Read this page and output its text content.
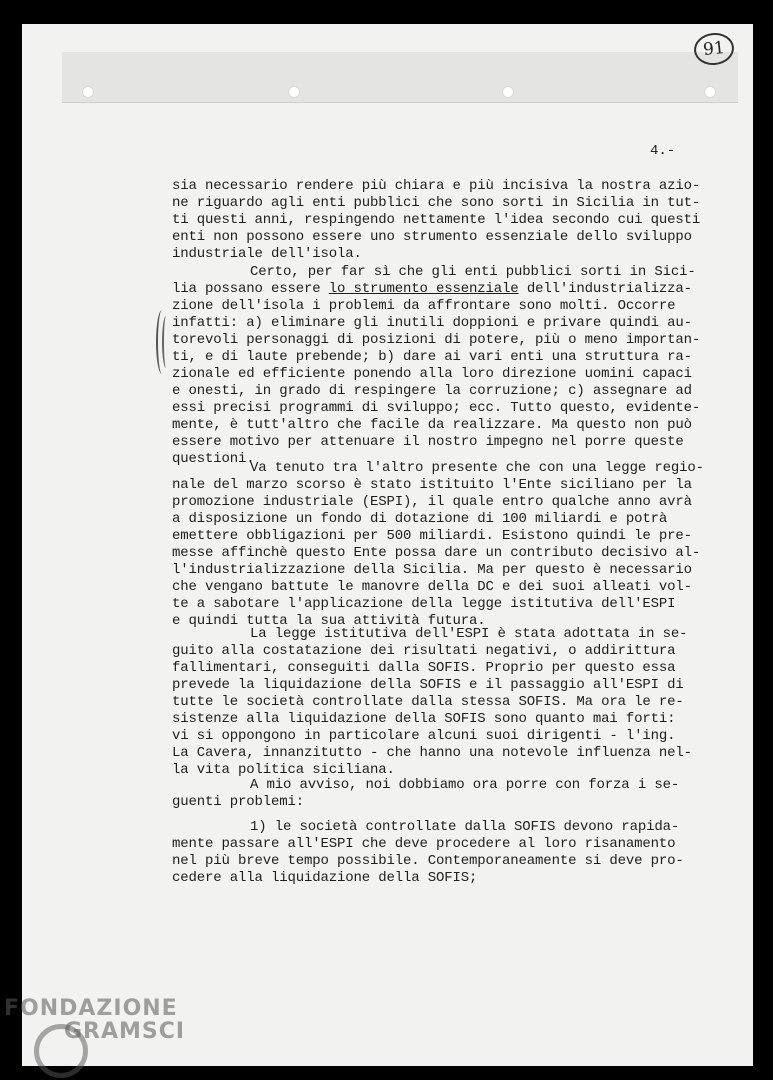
91
4.-
sia necessario rendere più chiara e più incisiva la nostra azio-
ne riguardo agli enti pubblici che sono sorti in Sicilia in tut-
ti questi anni, respingendo nettamente l'idea secondo cui questi
enti non possono essere uno strumento essenziale dello sviluppo
industriale dell'isola.
Certo, per far sì che gli enti pubblici sorti in Sici-
lia possano essere lo strumento essenziale dell'industrializza-
zione dell'isola i problemi da affrontare sono molti. Occorre
infatti: a) eliminare gli inutili doppioni e privare quindi au-
torevoli personaggi di posizioni di potere, più o meno importan-
ti, e di laute prebende; b) dare ai vari enti una struttura ra-
zionale ed efficiente ponendo alla loro direzione uomini capaci
e onesti, in grado di respingere la corruzione; c) assegnare ad
essi precisi programmi di sviluppo; ecc. Tutto questo, evidente-
mente, è tutt'altro che facile da realizzare. Ma questo non può
essere motivo per attenuare il nostro impegno nel porre queste
questioni.
Va tenuto tra l'altro presente che con una legge regio-
nale del marzo scorso è stato istituito l'Ente siciliano per la
promozione industriale (ESPI), il quale entro qualche anno avrà
a disposizione un fondo di dotazione di 100 miliardi e potrà
emettere obbligazioni per 500 miliardi. Esistono quindi le pre-
messe affinchè questo Ente possa dare un contributo decisivo al-
l'industrializzazione della Sicilia. Ma per questo è necessario
che vengano battute le manovre della DC e dei suoi alleati vol-
te a sabotare l'applicazione della legge istitutiva dell'ESPI
e quindi tutta la sua attività futura.
La legge istitutiva dell'ESPI è stata adottata in se-
guito alla costatazione dei risultati negativi, o addirittura
fallimentari, conseguiti dalla SOFIS. Proprio per questo essa
prevede la liquidazione della SOFIS e il passaggio all'ESPI di
tutte le società controllate dalla stessa SOFIS. Ma ora le re-
sistenze alla liquidazione della SOFIS sono quanto mai forti:
vi si oppongono in particolare alcuni suoi dirigenti - l'ing.
La Cavera, innanzitutto - che hanno una notevole influenza nel-
la vita politica siciliana.
A mio avviso, noi dobbiamo ora porre con forza i se-
guenti problemi:
1) le società controllate dalla SOFIS devono rapida-
mente passare all'ESPI che deve procedere al loro risanamento
nel più breve tempo possibile. Contemporaneamente si deve pro-
cedere alla liquidazione della SOFIS;
FONDAZIONE
GRAMSCI
